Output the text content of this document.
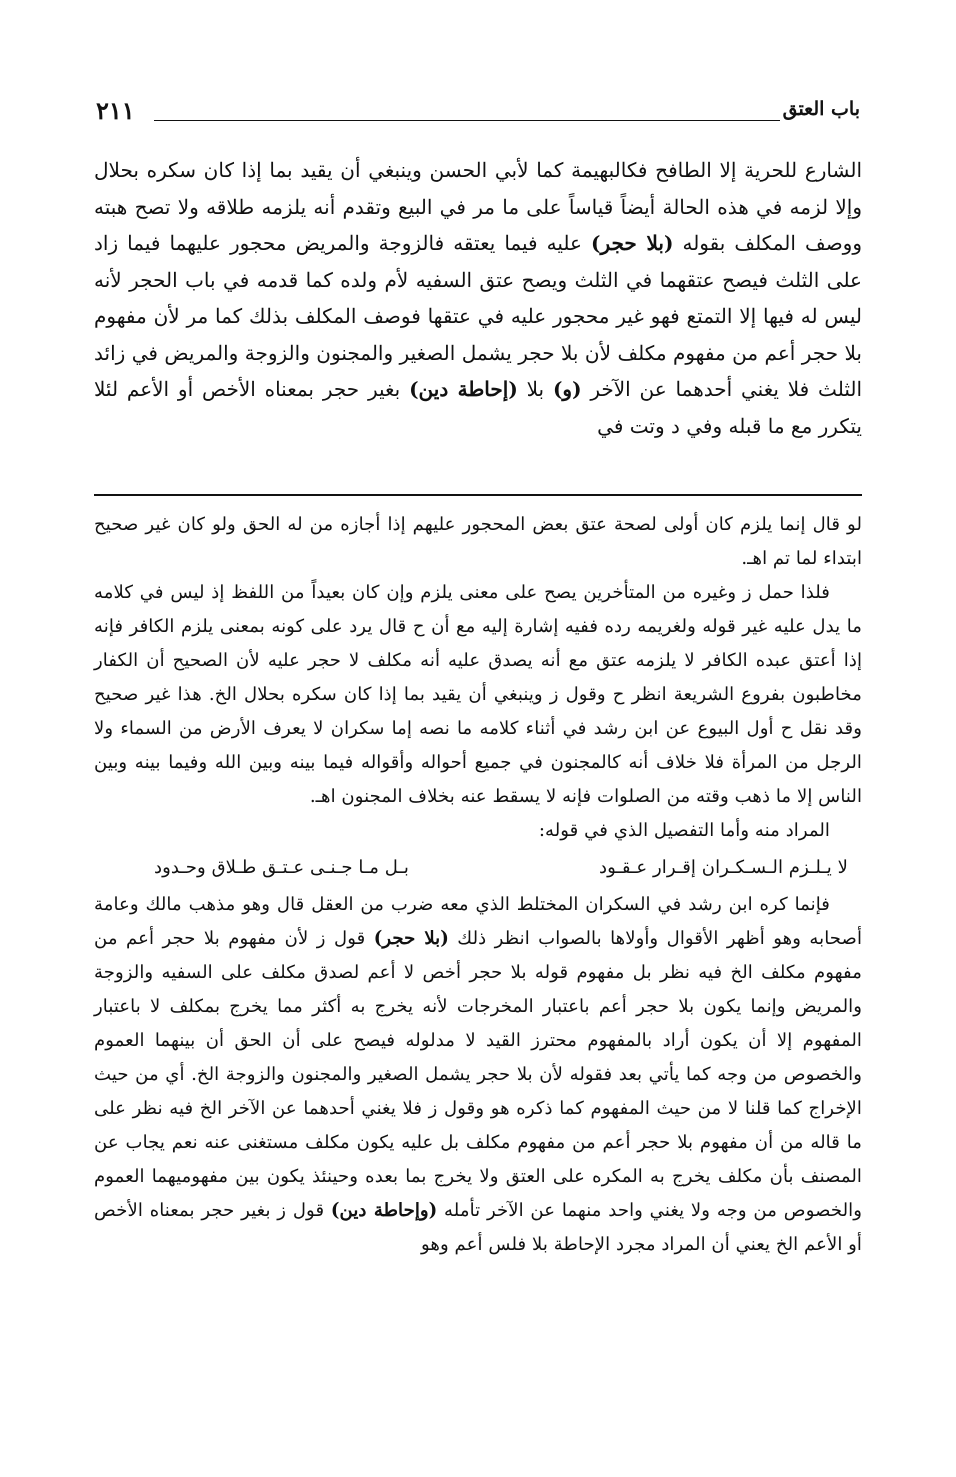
باب العتق
٢١١

الشارع للحرية إلا الطافح فكالبهيمة كما لأبي الحسن وينبغي أن يقيد بما إذا كان سكره بحلال وإلا لزمه في هذه الحالة أيضاً قياساً على ما مر في البيع وتقدم أنه يلزمه طلاقه ولا تصح هبته ووصف المكلف بقوله (بلا حجر) عليه فيما يعتقه فالزوجة والمريض محجور عليهما فيما زاد على الثلث فيصح عتقهما في الثلث ويصح عتق السفيه لأم ولده كما قدمه في باب الحجر لأنه ليس له فيها إلا التمتع فهو غير محجور عليه في عتقها فوصف المكلف بذلك كما مر لأن مفهوم بلا حجر أعم من مفهوم مكلف لأن بلا حجر يشمل الصغير والمجنون والزوجة والمريض في زائد الثلث فلا يغني أحدهما عن الآخر (و) بلا (إحاطة دين) بغير حجر بمعناه الأخص أو الأعم لئلا يتكرر مع ما قبله وفي د وتت في

لو قال إنما يلزم كان أولى لصحة عتق بعض المحجور عليهم إذا أجازه من له الحق ولو كان غير صحيح ابتداء لما تم اهـ.

فلذا حمل ز وغيره من المتأخرين يصح على معنى يلزم وإن كان بعيداً من اللفظ إذ ليس في كلامه ما يدل عليه غير قوله ولغريمه رده ففيه إشارة إليه مع أن ح قال يرد على كونه بمعنى يلزم الكافر فإنه إذا أعتق عبده الكافر لا يلزمه عتق مع أنه يصدق عليه أنه مكلف لا حجر عليه لأن الصحيح أن الكفار مخاطبون بفروع الشريعة انظر ح وقول ز وينبغي أن يقيد بما إذا كان سكره بحلال الخ. هذا غير صحيح وقد نقل ح أول البيوع عن ابن رشد في أثناء كلامه ما نصه إما سكران لا يعرف الأرض من السماء ولا الرجل من المرأة فلا خلاف أنه كالمجنون في جميع أحواله وأقواله فيما بينه وبين الله وفيما بينه وبين الناس إلا ما ذهب وقته من الصلوات فإنه لا يسقط عنه بخلاف المجنون اهـ.

المراد منه وأما التفصيل الذي في قوله:

لا يـلـزم الـسـكـران إقـرار عـقـود
بـل مـا جـنـى عـتـق طـلاق وحـدود

فإنما كره ابن رشد في السكران المختلط الذي معه ضرب من العقل قال وهو مذهب مالك وعامة أصحابه وهو أظهر الأقوال وأولاها بالصواب انظر ذلك (بلا حجر) قول ز لأن مفهوم بلا حجر أعم من مفهوم مكلف الخ فيه نظر بل مفهوم قوله بلا حجر أخص لا أعم لصدق مكلف على السفيه والزوجة والمريض وإنما يكون بلا حجر أعم باعتبار المخرجات لأنه يخرج به أكثر مما يخرج بمكلف لا باعتبار المفهوم إلا أن يكون أراد بالمفهوم محترز القيد لا مدلوله فيصح على أن الحق أن بينهما العموم والخصوص من وجه كما يأتي بعد فقوله لأن بلا حجر يشمل الصغير والمجنون والزوجة الخ. أي من حيث الإخراج كما قلنا لا من حيث المفهوم كما ذكره هو وقول ز فلا يغني أحدهما عن الآخر الخ فيه نظر على ما قاله من أن مفهوم بلا حجر أعم من مفهوم مكلف بل عليه يكون مكلف مستغنى عنه نعم يجاب عن المصنف بأن مكلف يخرج به المكره على العتق ولا يخرج بما بعده وحينئذ يكون بين مفهوميهما العموم والخصوص من وجه ولا يغني واحد منهما عن الآخر تأمله (وإحاطة دين) قول ز بغير حجر بمعناه الأخص أو الأعم الخ يعني أن المراد مجرد الإحاطة بلا فلس أعم وهو
